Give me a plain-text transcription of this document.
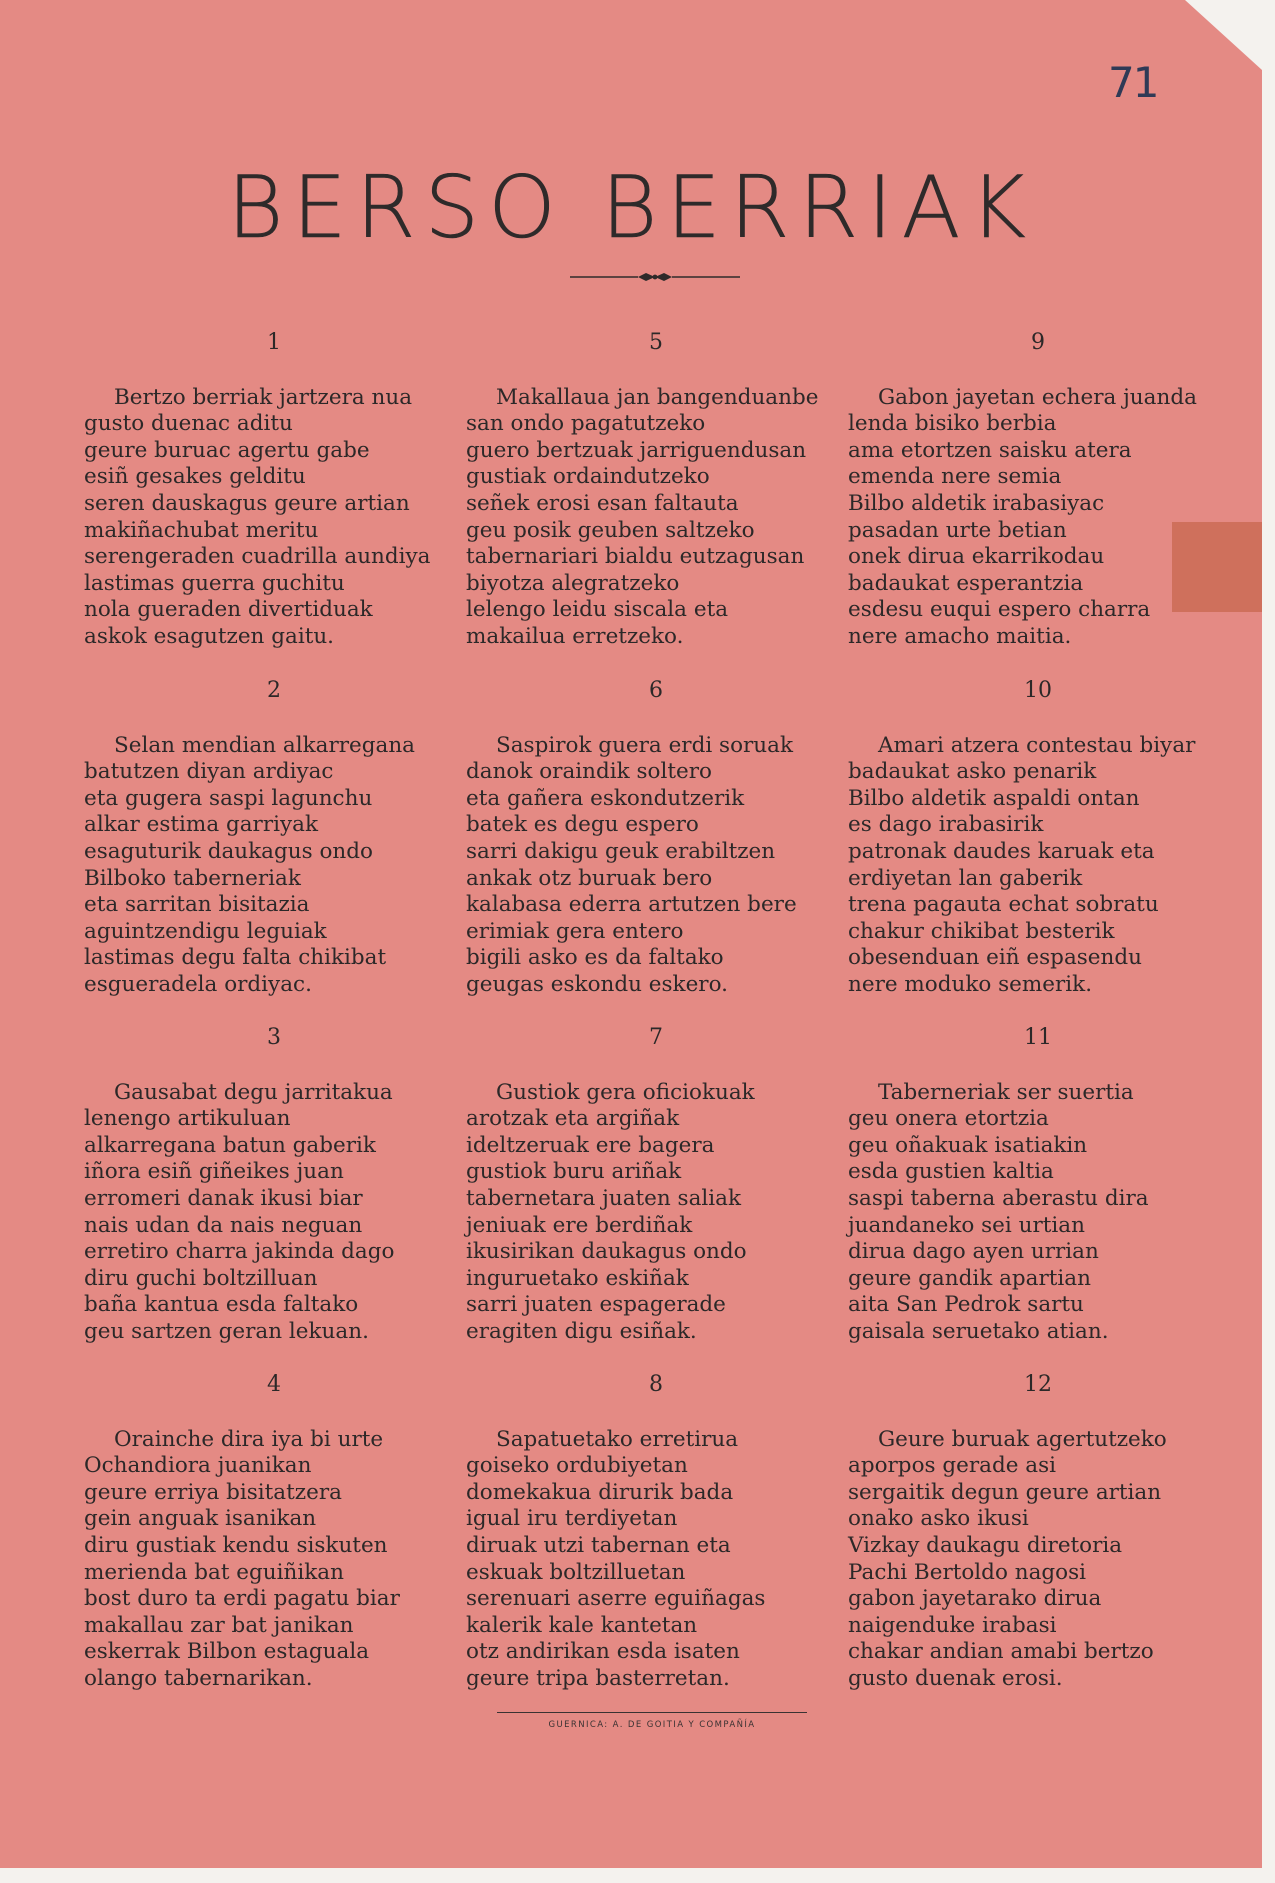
71
BERSO BERRIAK
1
Bertzo berriak jartzera nua
gusto duenac aditu
geure buruac agertu gabe
esiñ gesakes gelditu
seren dauskagus geure artian
makiñachubat meritu
serengeraden cuadrilla aundiya
lastimas guerra guchitu
nola gueraden divertiduak
askok esagutzen gaitu.
2
Selan mendian alkarregana
batutzen diyan ardiyac
eta gugera saspi lagunchu
alkar estima garriyak
esaguturik daukagus ondo
Bilboko taberneriak
eta sarritan bisitazia
aguintzendigu leguiak
lastimas degu falta chikibat
esgueradela ordiyac.
3
Gausabat degu jarritakua
lenengo artikuluan
alkarregana batun gaberik
iñora esiñ giñeikes juan
erromeri danak ikusi biar
nais udan da nais neguan
erretiro charra jakinda dago
diru guchi boltzilluan
baña kantua esda faltako
geu sartzen geran lekuan.
4
Orainche dira iya bi urte
Ochandiora juanikan
geure erriya bisitatzera
gein anguak isanikan
diru gustiak kendu siskuten
merienda bat eguiñikan
bost duro ta erdi pagatu biar
makallau zar bat janikan
eskerrak Bilbon estaguala
olango tabernarikan.
5
Makallaua jan bangenduanbe
san ondo pagatutzeko
guero bertzuak jarriguendusan
gustiak ordaindutzeko
señek erosi esan faltauta
geu posik geuben saltzeko
tabernariari bialdu eutzagusan
biyotza alegratzeko
lelengo leidu siscala eta
makailua erretzeko.
6
Saspirok guera erdi soruak
danok oraindik soltero
eta gañera eskondutzerik
batek es degu espero
sarri dakigu geuk erabiltzen
ankak otz buruak bero
kalabasa ederra artutzen bere
erimiak gera entero
bigili asko es da faltako
geugas eskondu eskero.
7
Gustiok gera oficiokuak
arotzak eta argiñak
ideltzeruak ere bagera
gustiok buru ariñak
tabernetara juaten saliak
jeniuak ere berdiñak
ikusirikan daukagus ondo
inguruetako eskiñak
sarri juaten espagerade
eragiten digu esiñak.
8
Sapatuetako erretirua
goiseko ordubiyetan
domekakua dirurik bada
igual iru terdiyetan
diruak utzi tabernan eta
eskuak boltzilluetan
serenuari aserre eguiñagas
kalerik kale kantetan
otz andirikan esda isaten
geure tripa basterretan.
9
Gabon jayetan echera juanda
lenda bisiko berbia
ama etortzen saisku atera
emenda nere semia
Bilbo aldetik irabasiyac
pasadan urte betian
onek dirua ekarrikodau
badaukat esperantzia
esdesu euqui espero charra
nere amacho maitia.
10
Amari atzera contestau biyar
badaukat asko penarik
Bilbo aldetik aspaldi ontan
es dago irabasirik
patronak daudes karuak eta
erdiyetan lan gaberik
trena pagauta echat sobratu
chakur chikibat besterik
obesenduan eiñ espasendu
nere moduko semerik.
11
Taberneriak ser suertia
geu onera etortzia
geu oñakuak isatiakin
esda gustien kaltia
saspi taberna aberastu dira
juandaneko sei urtian
dirua dago ayen urrian
geure gandik apartian
aita San Pedrok sartu
gaisala seruetako atian.
12
Geure buruak agertutzeko
aporpos gerade asi
sergaitik degun geure artian
onako asko ikusi
Vizkay daukagu diretoria
Pachi Bertoldo nagosi
gabon jayetarako dirua
naigenduke irabasi
chakar andian amabi bertzo
gusto duenak erosi.
GUERNICA: A. DE GOITIA Y COMPAÑÍA
